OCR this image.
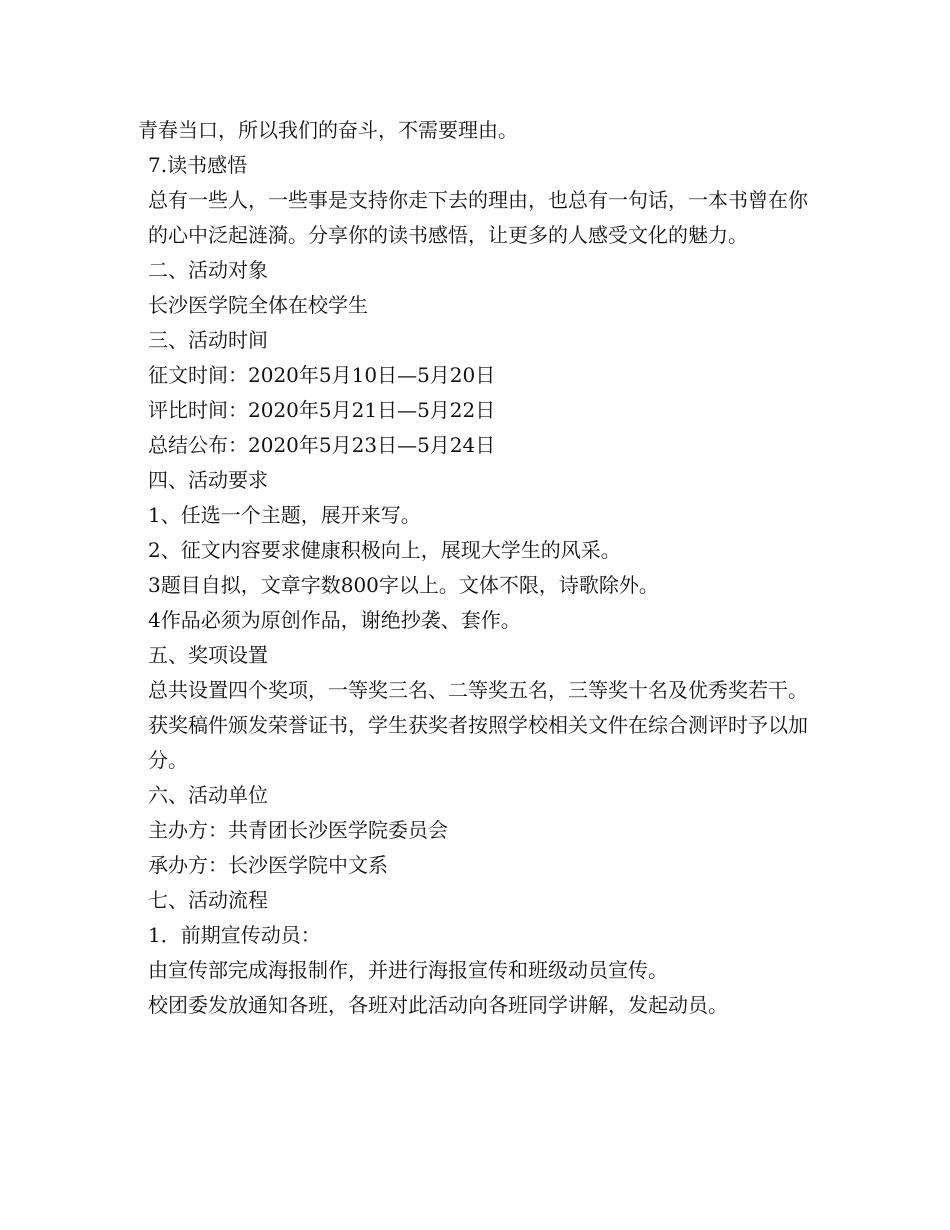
青春当口，所以我们的奋斗，不需要理由。

7.读书感悟

总有一些人，一些事是支持你走下去的理由，也总有一句话，一本书曾在你的心中泛起涟漪。分享你的读书感悟，让更多的人感受文化的魅力。

二、活动对象

长沙医学院全体在校学生

三、活动时间

征文时间：2020年5月10日—5月20日

评比时间：2020年5月21日—5月22日

总结公布：2020年5月23日—5月24日

四、活动要求

1、任选一个主题，展开来写。

2、征文内容要求健康积极向上，展现大学生的风采。

3题目自拟，文章字数800字以上。文体不限，诗歌除外。

4作品必须为原创作品，谢绝抄袭、套作。

五、奖项设置

总共设置四个奖项，一等奖三名、二等奖五名，三等奖十名及优秀奖若干。

获奖稿件颁发荣誉证书，学生获奖者按照学校相关文件在综合测评时予以加分。

六、活动单位

主办方：共青团长沙医学院委员会

承办方：长沙医学院中文系

七、活动流程

1．前期宣传动员：

由宣传部完成海报制作，并进行海报宣传和班级动员宣传。

校团委发放通知各班，各班对此活动向各班同学讲解，发起动员。
